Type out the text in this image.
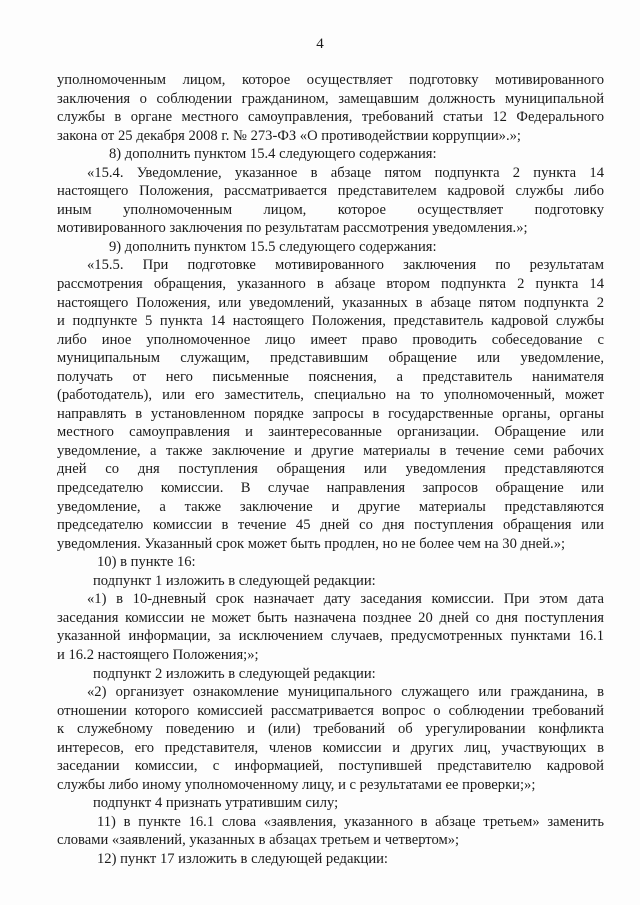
4
уполномоченным лицом, которое осуществляет подготовку мотивированного
заключения о соблюдении гражданином, замещавшим должность муниципальной
службы в органе местного самоуправления, требований статьи 12 Федерального
закона от 25 декабря 2008 г. № 273-ФЗ «О противодействии коррупции».»;
8) дополнить пунктом 15.4 следующего содержания:
«15.4. Уведомление, указанное в абзаце пятом подпункта 2 пункта 14
настоящего Положения, рассматривается представителем кадровой службы либо
иным уполномоченным лицом, которое осуществляет подготовку
мотивированного заключения по результатам рассмотрения уведомления.»;
9) дополнить пунктом 15.5 следующего содержания:
«15.5. При подготовке мотивированного заключения по результатам
рассмотрения обращения, указанного в абзаце втором подпункта 2 пункта 14
настоящего Положения, или уведомлений, указанных в абзаце пятом подпункта 2
и подпункте 5 пункта 14 настоящего Положения, представитель кадровой службы
либо иное уполномоченное лицо имеет право проводить собеседование с
муниципальным служащим, представившим обращение или уведомление,
получать от него письменные пояснения, а представитель нанимателя
(работодатель), или его заместитель, специально на то уполномоченный, может
направлять в установленном порядке запросы в государственные органы, органы
местного самоуправления и заинтересованные организации. Обращение или
уведомление, а также заключение и другие материалы в течение семи рабочих
дней со дня поступления обращения или уведомления представляются
председателю комиссии. В случае направления запросов обращение или
уведомление, а также заключение и другие материалы представляются
председателю комиссии в течение 45 дней со дня поступления обращения или
уведомления. Указанный срок может быть продлен, но не более чем на 30 дней.»;
10) в пункте 16:
подпункт 1 изложить в следующей редакции:
«1) в 10-дневный срок назначает дату заседания комиссии. При этом дата
заседания комиссии не может быть назначена позднее 20 дней со дня поступления
указанной информации, за исключением случаев, предусмотренных пунктами 16.1
и 16.2 настоящего Положения;»;
подпункт 2 изложить в следующей редакции:
«2) организует ознакомление муниципального служащего или гражданина, в
отношении которого комиссией рассматривается вопрос о соблюдении требований
к служебному поведению и (или) требований об урегулировании конфликта
интересов, его представителя, членов комиссии и других лиц, участвующих в
заседании комиссии, с информацией, поступившей представителю кадровой
службы либо иному уполномоченному лицу, и с результатами ее проверки;»;
подпункт 4 признать утратившим силу;
11) в пункте 16.1 слова «заявления, указанного в абзаце третьем» заменить
словами «заявлений, указанных в абзацах третьем и четвертом»;
12) пункт 17 изложить в следующей редакции:
